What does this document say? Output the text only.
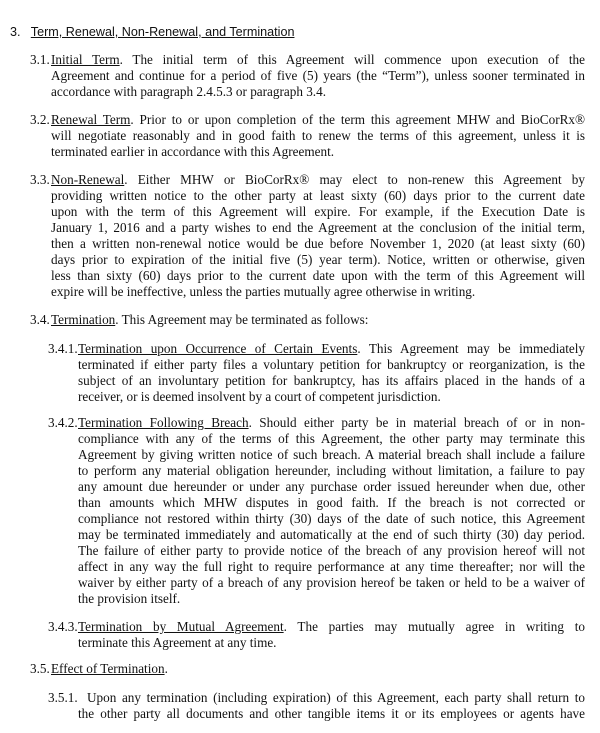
3. Term, Renewal, Non-Renewal, and Termination
3.1. Initial Term. The initial term of this Agreement will commence upon execution of the
Agreement and continue for a period of five (5) years (the “Term”), unless sooner terminated in
accordance with paragraph 2.4.5.3 or paragraph 3.4.
3.2. Renewal Term. Prior to or upon completion of the term this agreement MHW and BioCorRx®
will negotiate reasonably and in good faith to renew the terms of this agreement, unless it is
terminated earlier in accordance with this Agreement.
3.3. Non-Renewal. Either MHW or BioCorRx® may elect to non-renew this Agreement by
providing written notice to the other party at least sixty (60) days prior to the current date
upon with the term of this Agreement will expire. For example, if the Execution Date is
January 1, 2016 and a party wishes to end the Agreement at the conclusion of the initial term,
then a written non-renewal notice would be due before November 1, 2020 (at least sixty (60)
days prior to expiration of the initial five (5) year term). Notice, written or otherwise, given
less than sixty (60) days prior to the current date upon with the term of this Agreement will
expire will be ineffective, unless the parties mutually agree otherwise in writing.
3.4. Termination. This Agreement may be terminated as follows:
3.4.1. Termination upon Occurrence of Certain Events. This Agreement may be immediately
terminated if either party files a voluntary petition for bankruptcy or reorganization, is the
subject of an involuntary petition for bankruptcy, has its affairs placed in the hands of a
receiver, or is deemed insolvent by a court of competent jurisdiction.
3.4.2. Termination Following Breach. Should either party be in material breach of or in non-
compliance with any of the terms of this Agreement, the other party may terminate this
Agreement by giving written notice of such breach. A material breach shall include a failure
to perform any material obligation hereunder, including without limitation, a failure to pay
any amount due hereunder or under any purchase order issued hereunder when due, other
than amounts which MHW disputes in good faith. If the breach is not corrected or
compliance not restored within thirty (30) days of the date of such notice, this Agreement
may be terminated immediately and automatically at the end of such thirty (30) day period.
The failure of either party to provide notice of the breach of any provision hereof will not
affect in any way the full right to require performance at any time thereafter; nor will the
waiver by either party of a breach of any provision hereof be taken or held to be a waiver of
the provision itself.
3.4.3. Termination by Mutual Agreement. The parties may mutually agree in writing to
terminate this Agreement at any time.
3.5. Effect of Termination.
3.5.1. Upon any termination (including expiration) of this Agreement, each party shall return to
the other party all documents and other tangible items it or its employees or agents have
